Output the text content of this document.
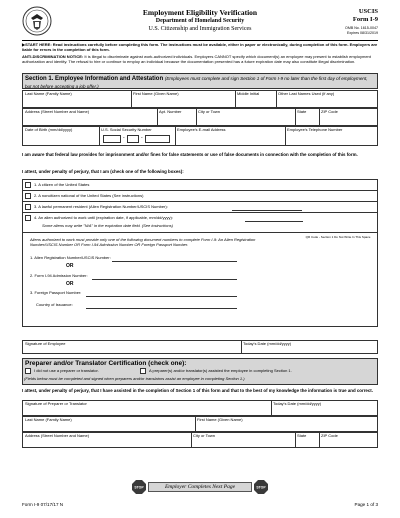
Employment Eligibility Verification
Department of Homeland Security
U.S. Citizenship and Immigration Services
USCIS
Form I-9
OMB No. 1615-0047
Expires 08/31/2019
▶START HERE: Read instructions carefully before completing this form. The instructions must be available, either in paper or electronically, during completion of this form. Employers are liable for errors in the completion of this form.
ANTI-DISCRIMINATION NOTICE: It is illegal to discriminate against work-authorized individuals. Employers CANNOT specify which document(s) an employee may present to establish employment authorization and identity. The refusal to hire or continue to employ an individual because the documentation presented has a future expiration date may also constitute illegal discrimination.
Section 1. Employee Information and Attestation (Employees must complete and sign Section 1 of Form I-9 no later than the first day of employment, but not before accepting a job offer.)
Last Name (Family Name)	First Name (Given Name)	Middle Initial	Other Last Names Used (if any)
Address (Street Number and Name)	Apt. Number	City or Town	State	ZIP Code
Date of Birth (mm/dd/yyyy)	U.S. Social Security Number	Employee's E-mail Address	Employee's Telephone Number
-	-
I am aware that federal law provides for imprisonment and/or fines for false statements or use of false documents in connection with the completion of this form.
I attest, under penalty of perjury, that I am (check one of the following boxes):
1. A citizen of the United States
2. A noncitizen national of the United States (See instructions)
3. A lawful permanent resident (Alien Registration Number/USCIS Number):
4. An alien authorized to work until (expiration date, if applicable, mm/dd/yyyy):
Some aliens may write "N/A" in the expiration date field. (See instructions)
Aliens authorized to work must provide only one of the following document numbers to complete Form I-9: An Alien Registration Number/USCIS Number OR Form I-94 Admission Number OR Foreign Passport Number.
QR Code - Section 1 Do Not Write In This Space
1. Alien Registration Number/USCIS Number:
OR
2. Form I-94 Admission Number:
OR
3. Foreign Passport Number:
Country of Issuance:
Signature of Employee	Today's Date (mm/dd/yyyy)
Preparer and/or Translator Certification (check one):
I did not use a preparer or translator.	A preparer(s) and/or translator(s) assisted the employee in completing Section 1.
(Fields below must be completed and signed when preparers and/or translators assist an employee in completing Section 1.)
I attest, under penalty of perjury, that I have assisted in the completion of Section 1 of this form and that to the best of my knowledge the information is true and correct.
Signature of Preparer or Translator	Today's Date (mm/dd/yyyy)
Last Name (Family Name)	First Name (Given Name)
Address (Street Number and Name)	City or Town	State	ZIP Code
STOP	Employer Completes Next Page	STOP
Form I-9 07/17/17 N	Page 1 of 3
